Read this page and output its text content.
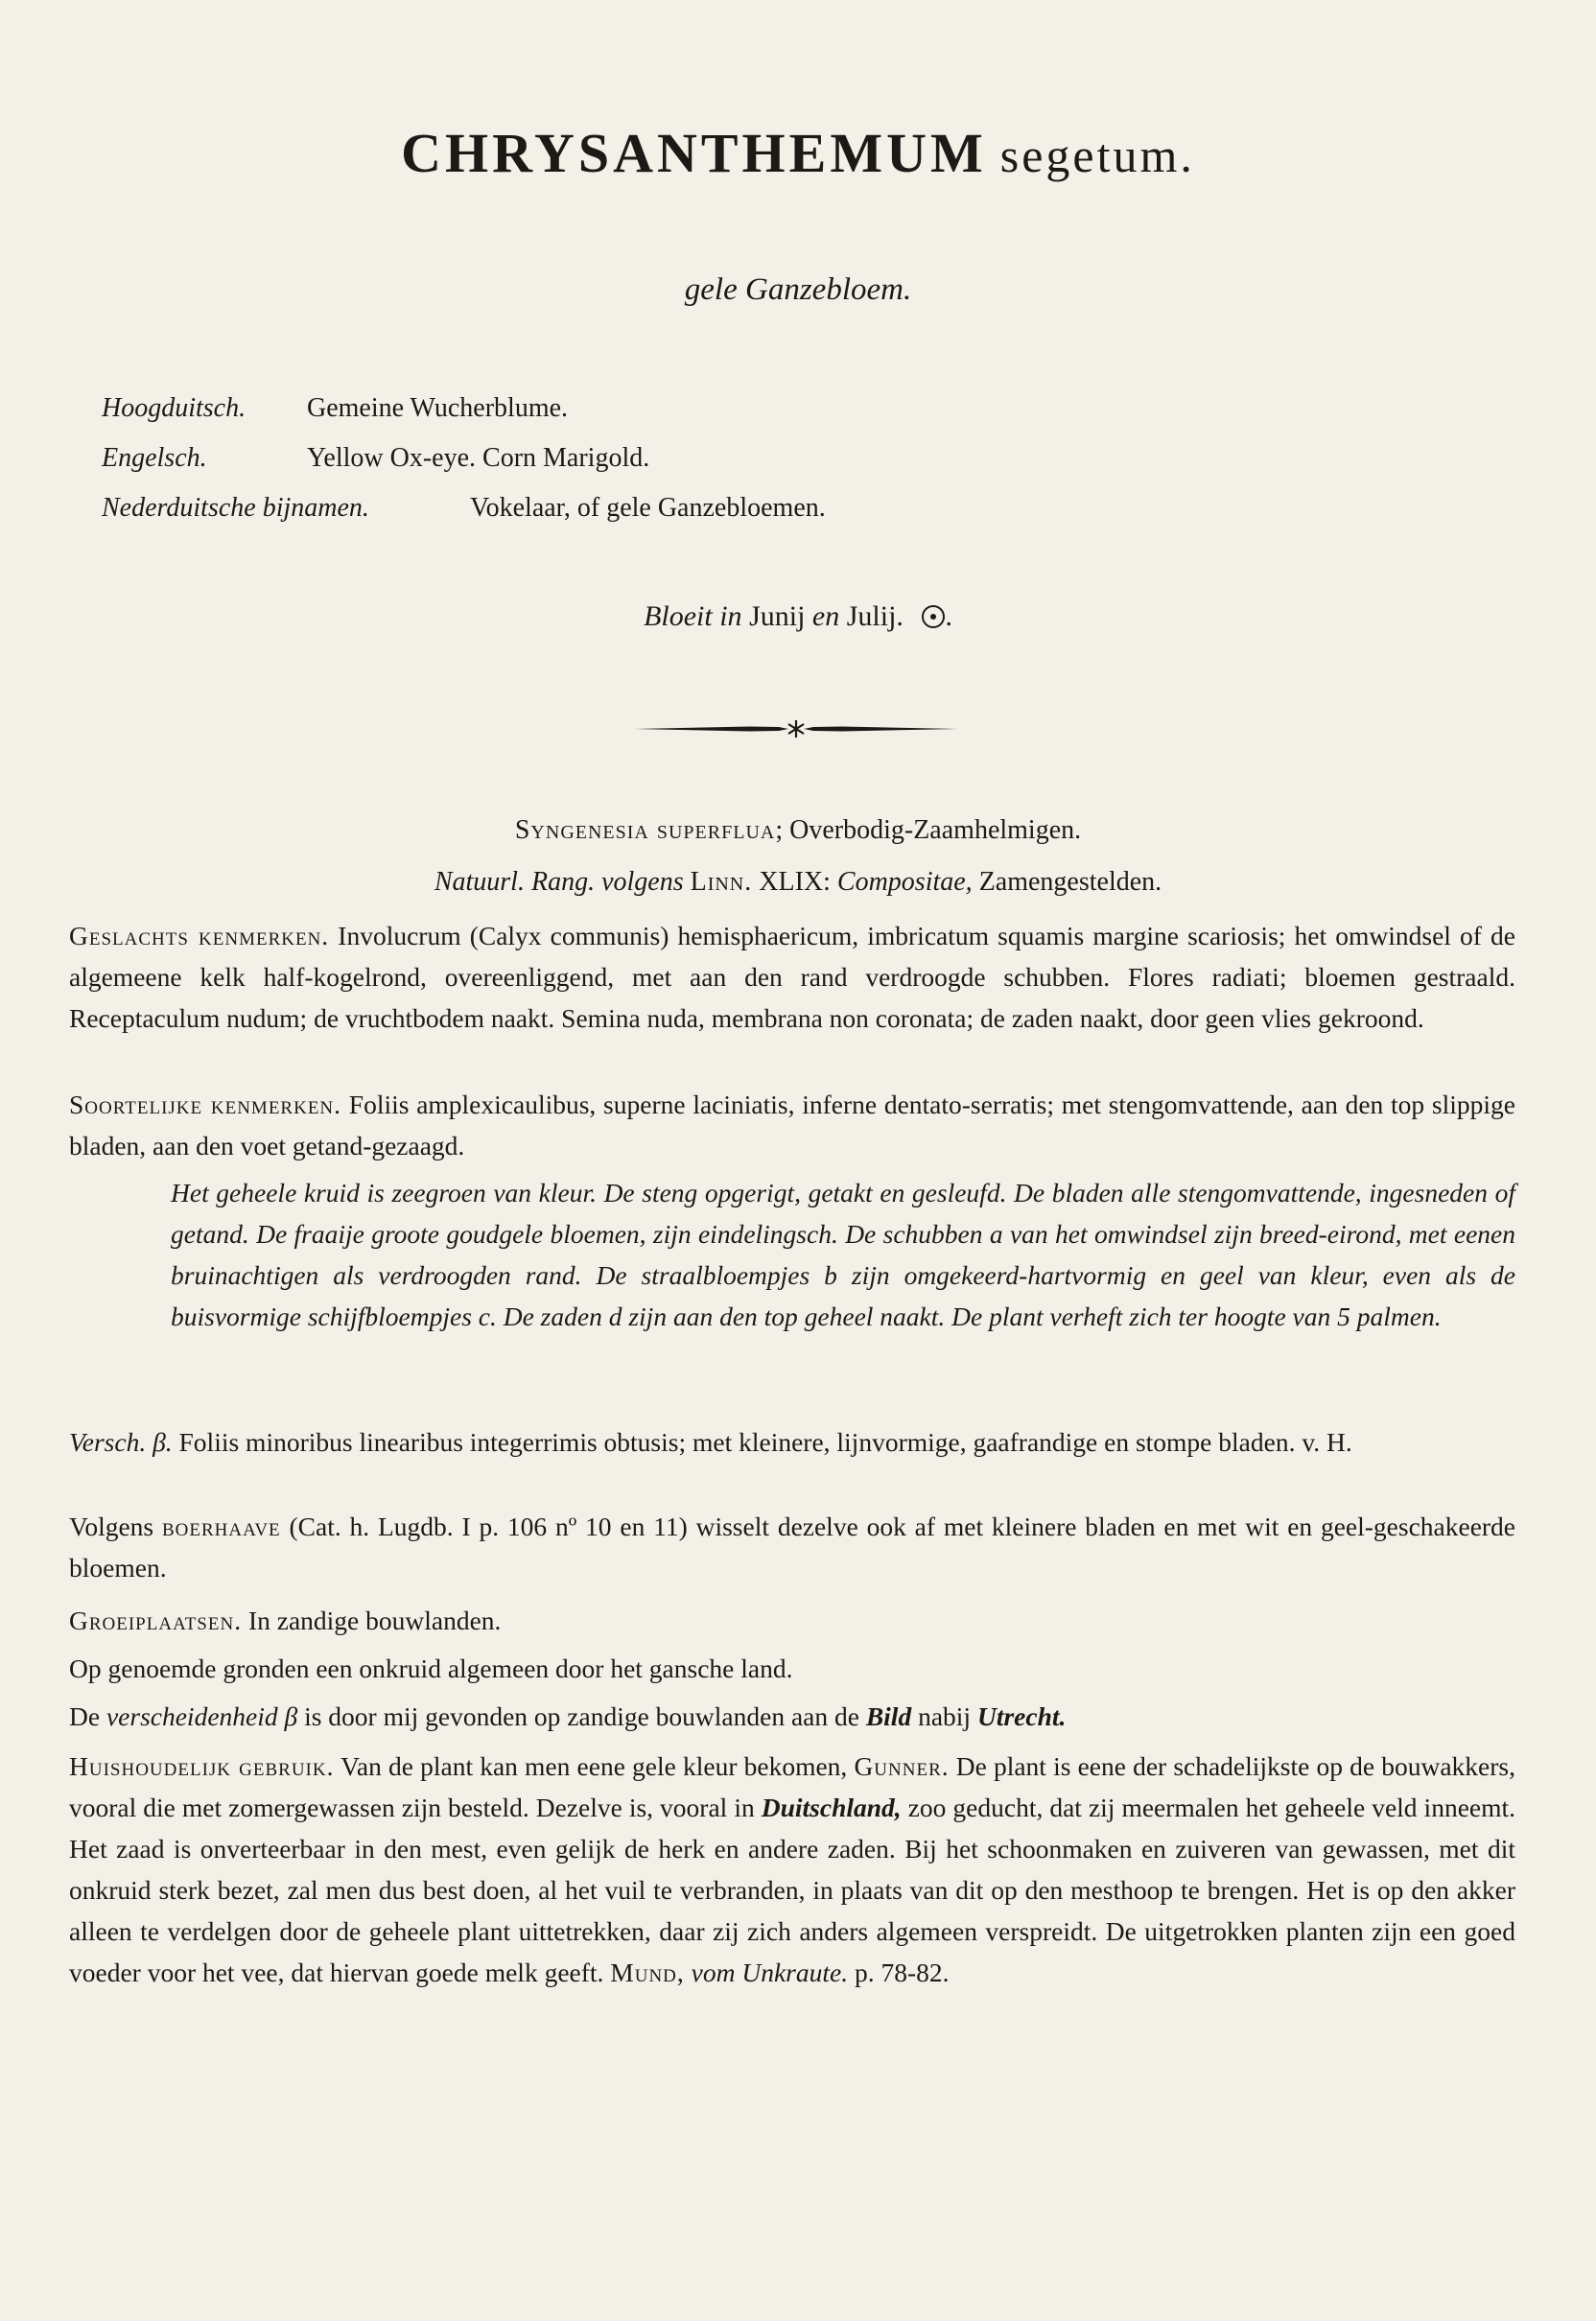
CHRYSANTHEMUM segetum.
gele Ganzebloem.
Hoogduitsch. Gemeine Wucherblume.
Engelsch.	Yellow Ox-eye. Corn Marigold.
Nederduitsche bijnamen.	Vokelaar, of gele Ganzebloemen.
Bloeit in Junij en Julij. .
Syngenesia superflua; Overbodig-Zaamhelmigen.
Natuurl. Rang. volgens Linn. XLIX: Compositae, Zamengestelden.
Geslachts kenmerken. Involucrum (Calyx communis) hemisphaericum, imbricatum squamis margine scariosis; het omwindsel of de algemeene kelk half-kogelrond, overeenliggend, met aan den rand verdroogde schubben. Flores radiati; bloemen gestraald. Receptaculum nudum; de vruchtbodem naakt. Semina nuda, membrana non coronata; de zaden naakt, door geen vlies gekroond.
Soortelijke kenmerken. Foliis amplexicaulibus, superne laciniatis, inferne dentato-serratis; met stengomvattende, aan den top slippige bladen, aan den voet getand-gezaagd.
Het geheele kruid is zeegroen van kleur. De steng opgerigt, getakt en gesleufd. De bladen alle stengomvattende, ingesneden of getand. De fraaije groote goudgele bloemen, zijn eindelingsch. De schubben a van het omwindsel zijn breed-eirond, met eenen bruinachtigen als verdroogden rand. De straalbloempjes b zijn omgekeerd-hartvormig en geel van kleur, even als de buisvormige schijfbloempjes c. De zaden d zijn aan den top geheel naakt. De plant verheft zich ter hoogte van 5 palmen.
Versch. β. Foliis minoribus linearibus integerrimis obtusis; met kleinere, lijnvormige, gaafrandige en stompe bladen. v. H.
Volgens boerhaave (Cat. h. Lugdb. I p. 106 nº 10 en 11) wisselt dezelve ook af met kleinere bladen en met wit en geel-geschakeerde bloemen.
Groeiplaatsen. In zandige bouwlanden.
Op genoemde gronden een onkruid algemeen door het gansche land.
De verscheidenheid β is door mij gevonden op zandige bouwlanden aan de Bild nabij Utrecht.
Huishoudelijk gebruik. Van de plant kan men eene gele kleur bekomen, Gunner. De plant is eene der schadelijkste op de bouwakkers, vooral die met zomergewassen zijn besteld. Dezelve is, vooral in Duitschland, zoo geducht, dat zij meermalen het geheele veld inneemt. Het zaad is onverteerbaar in den mest, even gelijk de herk en andere zaden. Bij het schoonmaken en zuiveren van gewassen, met dit onkruid sterk bezet, zal men dus best doen, al het vuil te verbranden, in plaats van dit op den mesthoop te brengen. Het is op den akker alleen te verdelgen door de geheele plant uittetrekken, daar zij zich anders algemeen verspreidt. De uitgetrokken planten zijn een goed voeder voor het vee, dat hiervan goede melk geeft. Mund, vom Unkraute. p. 78-82.
